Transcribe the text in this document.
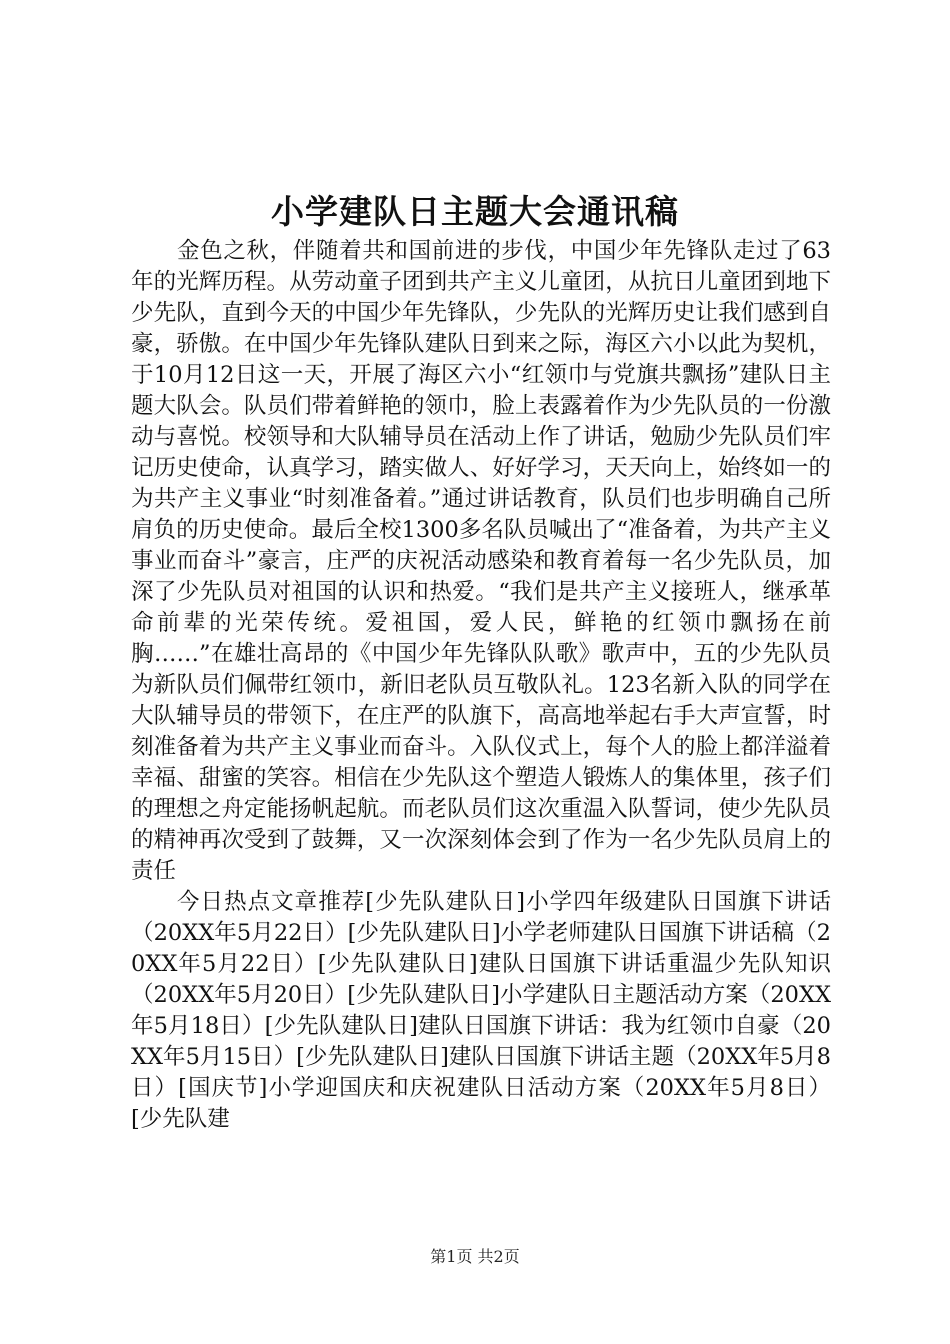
小学建队日主题大会通讯稿

金色之秋，伴随着共和国前进的步伐，中国少年先锋队走过了63年的光辉历程。从劳动童子团到共产主义儿童团，从抗日儿童团到地下少先队，直到今天的中国少年先锋队，少先队的光辉历史让我们感到自豪，骄傲。在中国少年先锋队建队日到来之际，海区六小以此为契机，于10月12日这一天，开展了海区六小“红领巾与党旗共飘扬”建队日主题大队会。队员们带着鲜艳的领巾，脸上表露着作为少先队员的一份激动与喜悦。校领导和大队辅导员在活动上作了讲话，勉励少先队员们牢记历史使命，认真学习，踏实做人、好好学习，天天向上，始终如一的为共产主义事业“时刻准备着。”通过讲话教育，队员们也步明确自己所肩负的历史使命。最后全校1300多名队员喊出了“准备着，为共产主义事业而奋斗”豪言，庄严的庆祝活动感染和教育着每一名少先队员，加深了少先队员对祖国的认识和热爱。“我们是共产主义接班人，继承革命前辈的光荣传统。爱祖国，爱人民，鲜艳的红领巾飘扬在前胸……”在雄壮高昂的《中国少年先锋队队歌》歌声中，五的少先队员为新队员们佩带红领巾，新旧老队员互敬队礼。123名新入队的同学在大队辅导员的带领下，在庄严的队旗下，高高地举起右手大声宣誓，时刻准备着为共产主义事业而奋斗。入队仪式上，每个人的脸上都洋溢着幸福、甜蜜的笑容。相信在少先队这个塑造人锻炼人的集体里，孩子们的理想之舟定能扬帆起航。而老队员们这次重温入队誓词，使少先队员的精神再次受到了鼓舞，又一次深刻体会到了作为一名少先队员肩上的责任

今日热点文章推荐[少先队建队日]小学四年级建队日国旗下讲话（20XX年5月22日）[少先队建队日]小学老师建队日国旗下讲话稿（20XX年5月22日）[少先队建队日]建队日国旗下讲话重温少先队知识（20XX年5月20日）[少先队建队日]小学建队日主题活动方案（20XX年5月18日）[少先队建队日]建队日国旗下讲话：我为红领巾自豪（20XX年5月15日）[少先队建队日]建队日国旗下讲话主题（20XX年5月8日）[国庆节]小学迎国庆和庆祝建队日活动方案（20XX年5月8日）[少先队建

第1页 共2页
